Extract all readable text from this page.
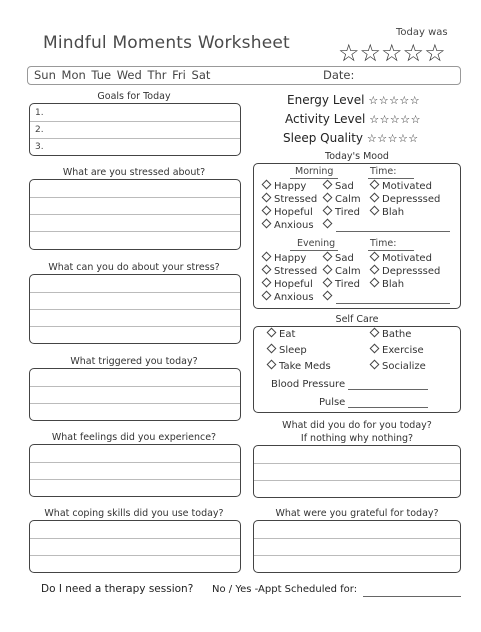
Mindful Moments Worksheet
Today was
☆☆☆☆☆
Sun Mon Tue Wed Thr Fri Sat	Date:
Goals for Today
1.
2.
3.
Energy Level ☆☆☆☆☆
Activity Level ☆☆☆☆☆
Sleep Quality ☆☆☆☆☆
What are you stressed about?
What can you do about your stress?
What triggered you today?
What feelings did you experience?
What coping skills did you use today?
Today's Mood
Morning	Time:
Happy
Stressed
Hopeful
Anxious
Sad
Calm
Tired
Motivated
Depresssed
Blah
Evening	Time:
Happy
Stressed
Hopeful
Anxious
Sad
Calm
Tired
Motivated
Depresssed
Blah
Self Care
Eat
Sleep
Take Meds
Bathe
Exercise
Socialize
Blood Pressure
Pulse
What did you do for you today?
If nothing why nothing?
What were you grateful for today?
Do I need a therapy session? No / Yes -Appt Scheduled for:
